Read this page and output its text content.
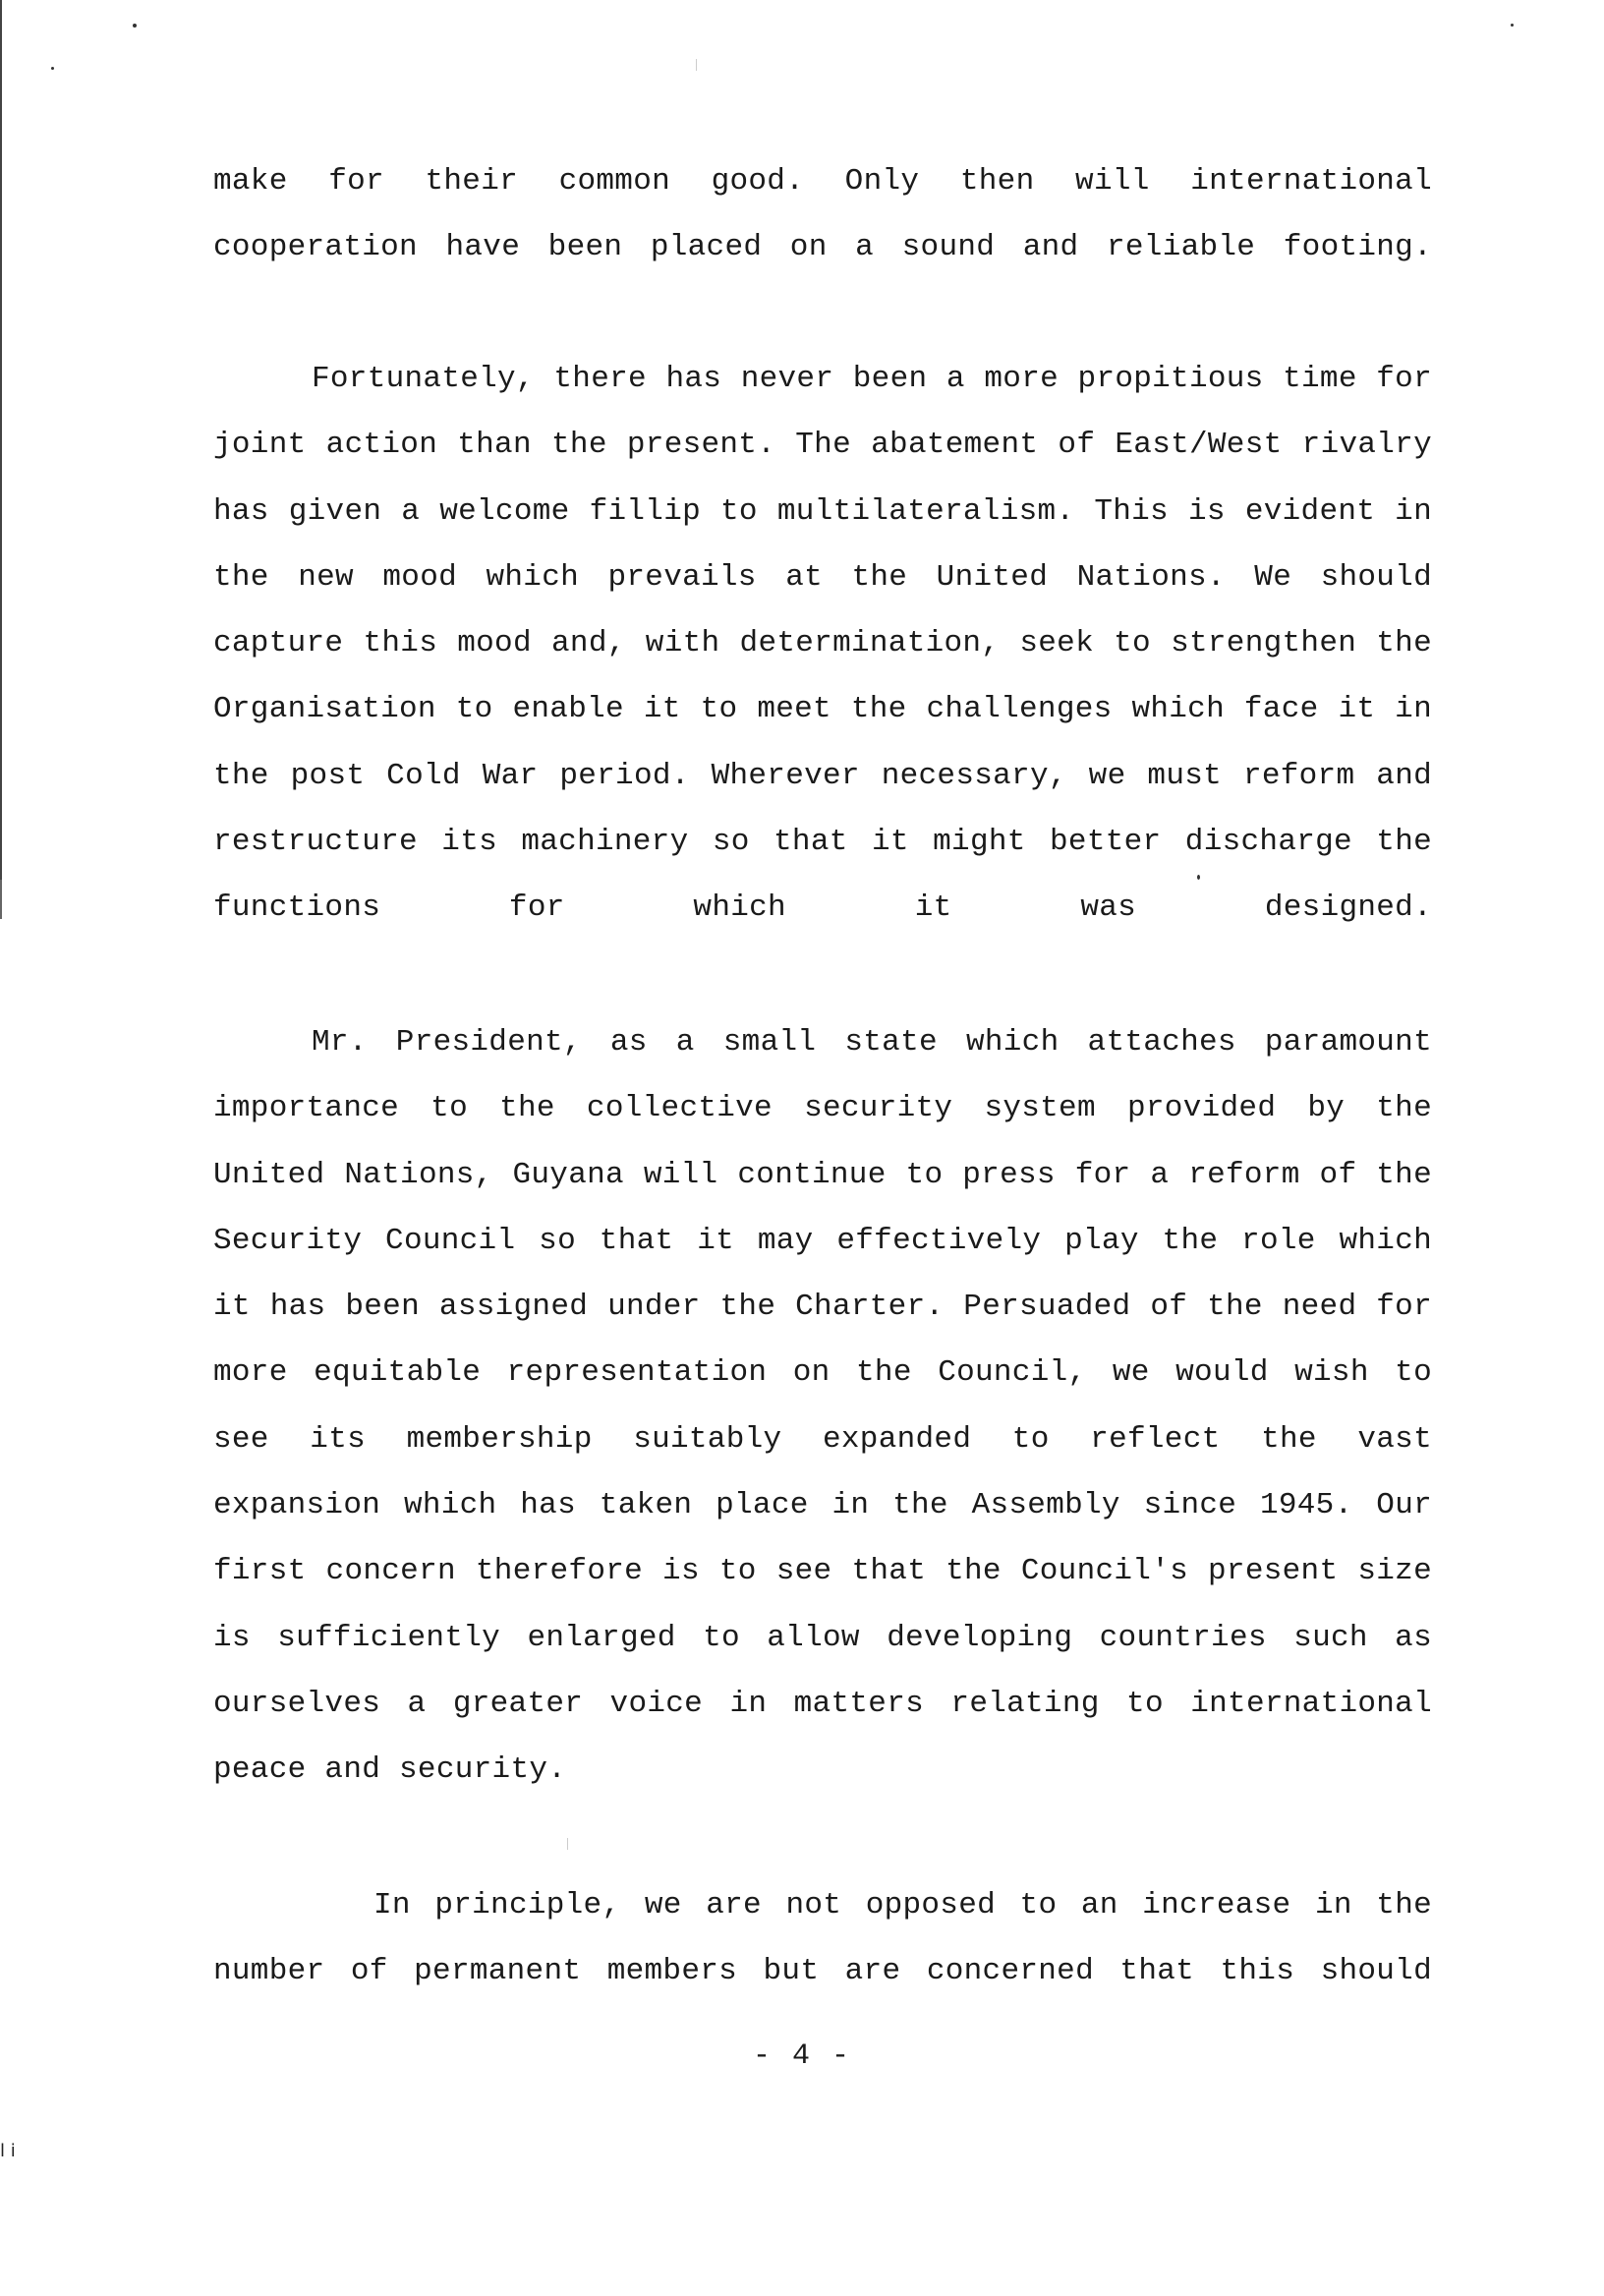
make for their common good. Only then will international cooperation have been placed on a sound and reliable footing.

Fortunately, there has never been a more propitious time for joint action than the present. The abatement of East/West rivalry has given a welcome fillip to multilateralism. This is evident in the new mood which prevails at the United Nations. We should capture this mood and, with determination, seek to strengthen the Organisation to enable it to meet the challenges which face it in the post Cold War period. Wherever necessary, we must reform and restructure its machinery so that it might better discharge the functions for which it was designed.

Mr. President, as a small state which attaches paramount importance to the collective security system provided by the United Nations, Guyana will continue to press for a reform of the Security Council so that it may effectively play the role which it has been assigned under the Charter. Persuaded of the need for more equitable representation on the Council, we would wish to see its membership suitably expanded to reflect the vast expansion which has taken place in the Assembly since 1945. Our first concern therefore is to see that the Council's present size is sufficiently enlarged to allow developing countries such as ourselves a greater voice in matters relating to international peace and security.

In principle, we are not opposed to an increase in the number of permanent members but are concerned that this should

- 4 -
l i
